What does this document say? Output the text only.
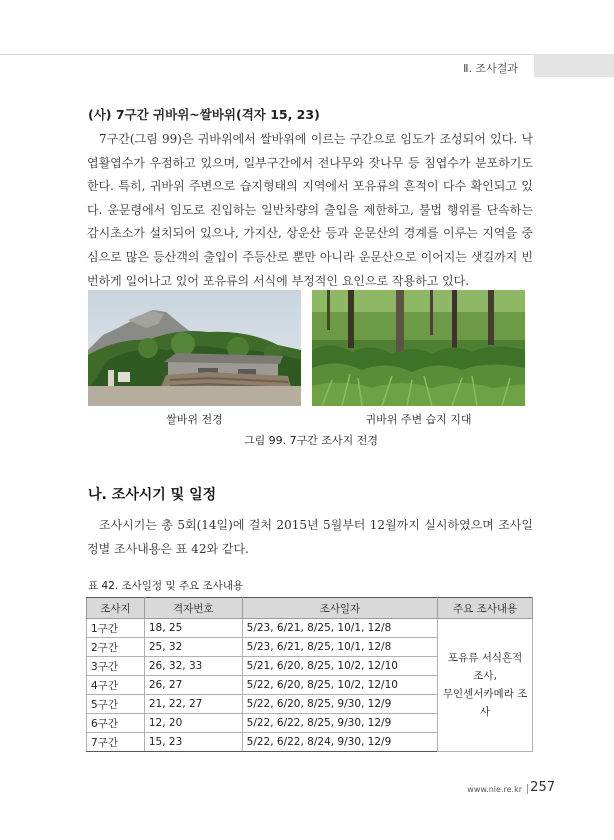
Ⅱ. 조사결과
(사) 7구간 귀바위~쌀바위(격자 15, 23)

7구간(그림 99)은 귀바위에서 쌀바위에 이르는 구간으로 임도가 조성되어 있다. 낙엽활엽수가 우점하고 있으며, 일부구간에서 전나무와 잣나무 등 침엽수가 분포하기도 한다. 특히, 귀바위 주변으로 습지형태의 지역에서 포유류의 흔적이 다수 확인되고 있다. 운문령에서 임도로 진입하는 일반차량의 출입을 제한하고, 불법 행위를 단속하는 감시초소가 설치되어 있으나, 가지산, 상운산 등과 운문산의 경계를 이루는 지역을 중심으로 많은 등산객의 출입이 주등산로 뿐만 아니라 운문산으로 이어지는 샛길까지 빈번하게 일어나고 있어 포유류의 서식에 부정적인 요인으로 작용하고 있다.

쌀바위 전경	귀바위 주변 습지 지대
그림 99. 7구간 조사지 전경
나. 조사시기 및 일정

조사시기는 총 5회(14일)에 걸처 2015년 5월부터 12월까지 실시하였으며 조사일정별 조사내용은 표 42와 같다.

표 42. 조사일정 및 주요 조사내용
조사지	격자번호	조사일자	주요 조사내용
1구간	18, 25	5/23, 6/21, 8/25, 10/1, 12/8	포유류 서식흔적
조사,
무인센서카메라 조사

2구간	25, 32	5/23, 6/21, 8/25, 10/1, 12/8	
3구간	26, 32, 33	5/21, 6/20, 8/25, 10/2, 12/10	
4구간	26, 27	5/22, 6/20, 8/25, 10/2, 12/10	
5구간	21, 22, 27	5/22, 6/20, 8/25, 9/30, 12/9	
6구간	12, 20	5/22, 6/22, 8/25, 9/30, 12/9	
7구간	15, 23	5/22, 6/22, 8/24, 9/30, 12/9	
www.nie.re.kr 257
